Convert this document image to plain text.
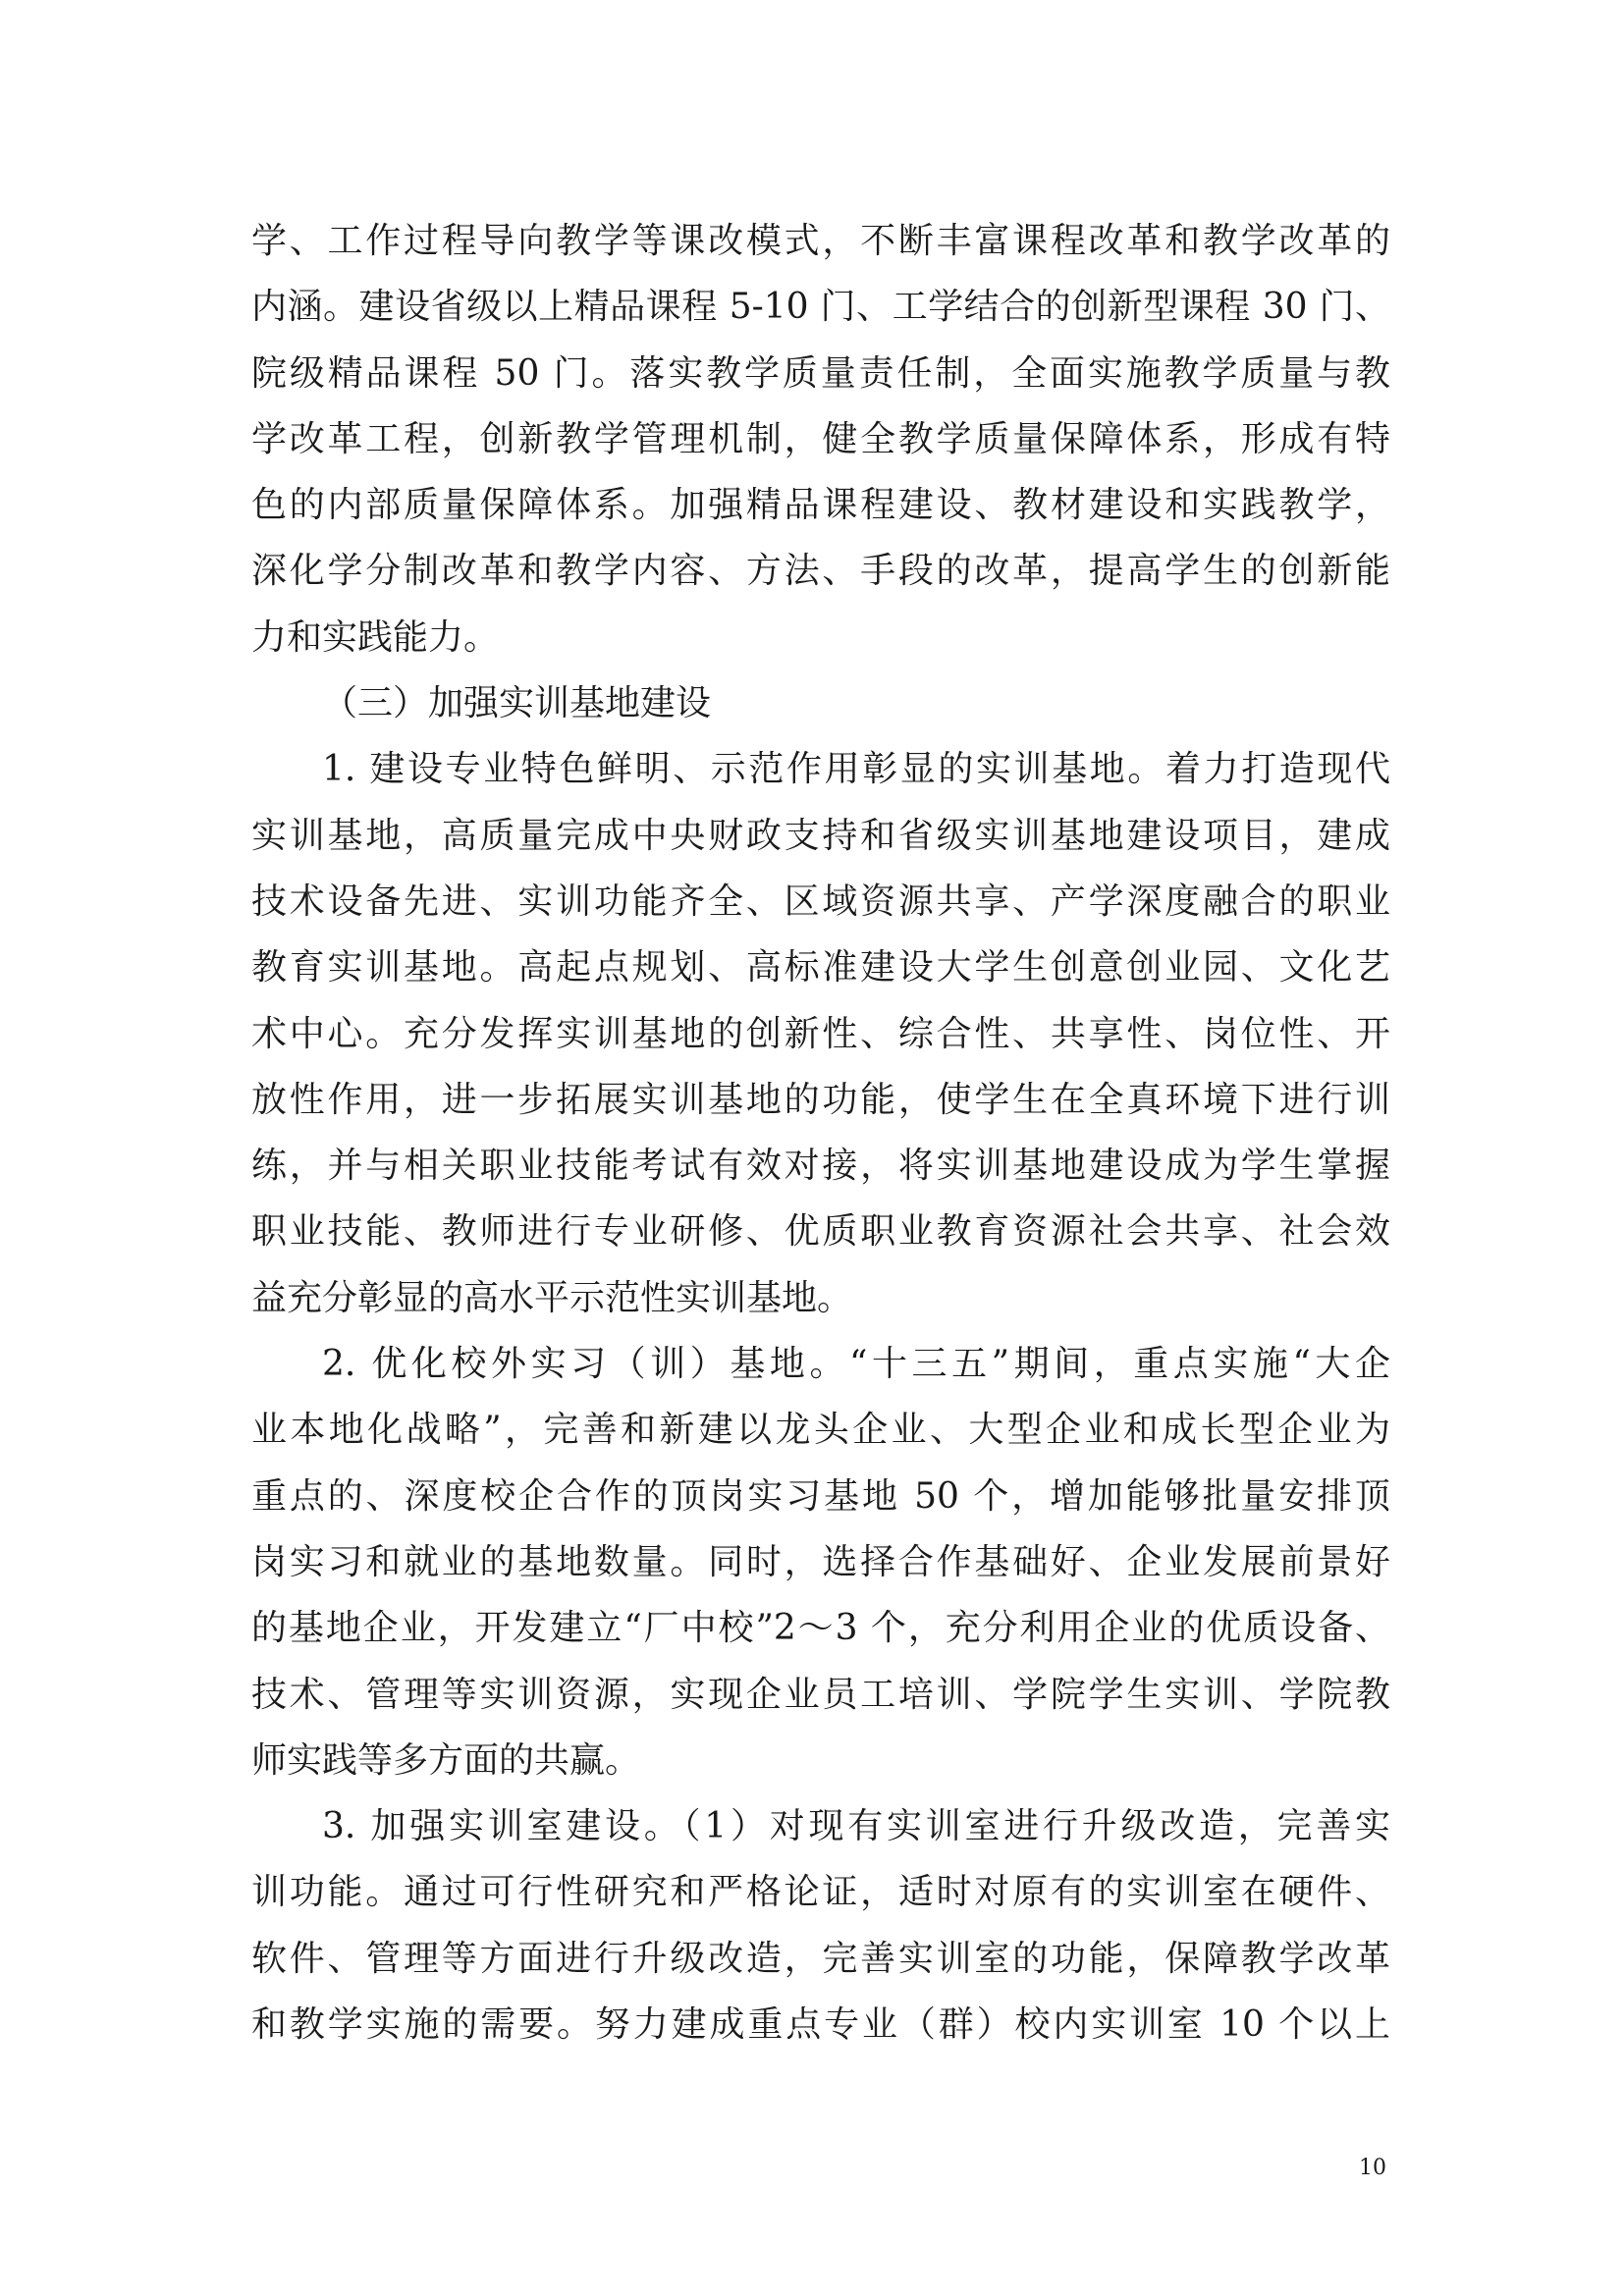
学、工作过程导向教学等课改模式，不断丰富课程改革和教学改革的
内涵。建设省级以上精品课程 5-10 门、工学结合的创新型课程 30 门、
院级精品课程 50 门。落实教学质量责任制，全面实施教学质量与教
学改革工程，创新教学管理机制，健全教学质量保障体系，形成有特
色的内部质量保障体系。加强精品课程建设、教材建设和实践教学，
深化学分制改革和教学内容、方法、手段的改革，提高学生的创新能
力和实践能力。
（三）加强实训基地建设
1. 建设专业特色鲜明、示范作用彰显的实训基地。着力打造现代
实训基地，高质量完成中央财政支持和省级实训基地建设项目，建成
技术设备先进、实训功能齐全、区域资源共享、产学深度融合的职业
教育实训基地。高起点规划、高标准建设大学生创意创业园、文化艺
术中心。充分发挥实训基地的创新性、综合性、共享性、岗位性、开
放性作用，进一步拓展实训基地的功能，使学生在全真环境下进行训
练，并与相关职业技能考试有效对接，将实训基地建设成为学生掌握
职业技能、教师进行专业研修、优质职业教育资源社会共享、社会效
益充分彰显的高水平示范性实训基地。
2. 优化校外实习（训）基地。“十三五”期间，重点实施“大企
业本地化战略”，完善和新建以龙头企业、大型企业和成长型企业为
重点的、深度校企合作的顶岗实习基地 50 个，增加能够批量安排顶
岗实习和就业的基地数量。同时，选择合作基础好、企业发展前景好
的基地企业，开发建立“厂中校”2～3 个，充分利用企业的优质设备、
技术、管理等实训资源，实现企业员工培训、学院学生实训、学院教
师实践等多方面的共赢。
3. 加强实训室建设。（1）对现有实训室进行升级改造，完善实
训功能。通过可行性研究和严格论证，适时对原有的实训室在硬件、
软件、管理等方面进行升级改造，完善实训室的功能，保障教学改革
和教学实施的需要。努力建成重点专业（群）校内实训室 10 个以上
10
